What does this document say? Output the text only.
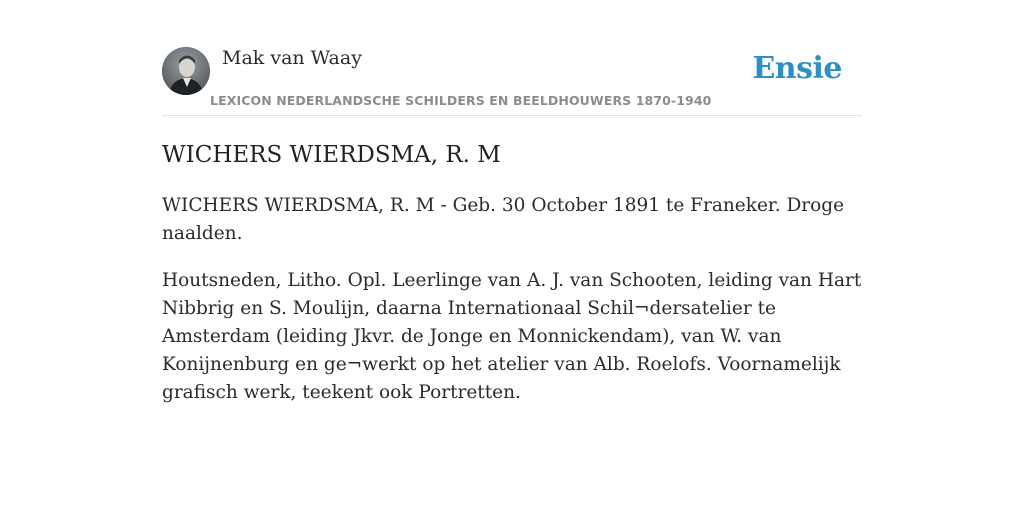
Mak van Waay
LEXICON NEDERLANDSCHE SCHILDERS EN BEELDHOUWERS 1870-1940
Ensie
WICHERS WIERDSMA, R. M

WICHERS WIERDSMA, R. M - Geb. 30 October 1891 te Franeker. Droge naalden.

Houtsneden, Litho. Opl. Leerlinge van A. J. van Schooten, leiding van Hart Nibbrig en S. Moulijn, daarna Internationaal Schil¬dersatelier te Amsterdam (leiding Jkvr. de Jonge en Monnickendam), van W. van Konijnenburg en ge¬werkt op het atelier van Alb. Roelofs. Voornamelijk grafisch werk, teekent ook Portretten.
